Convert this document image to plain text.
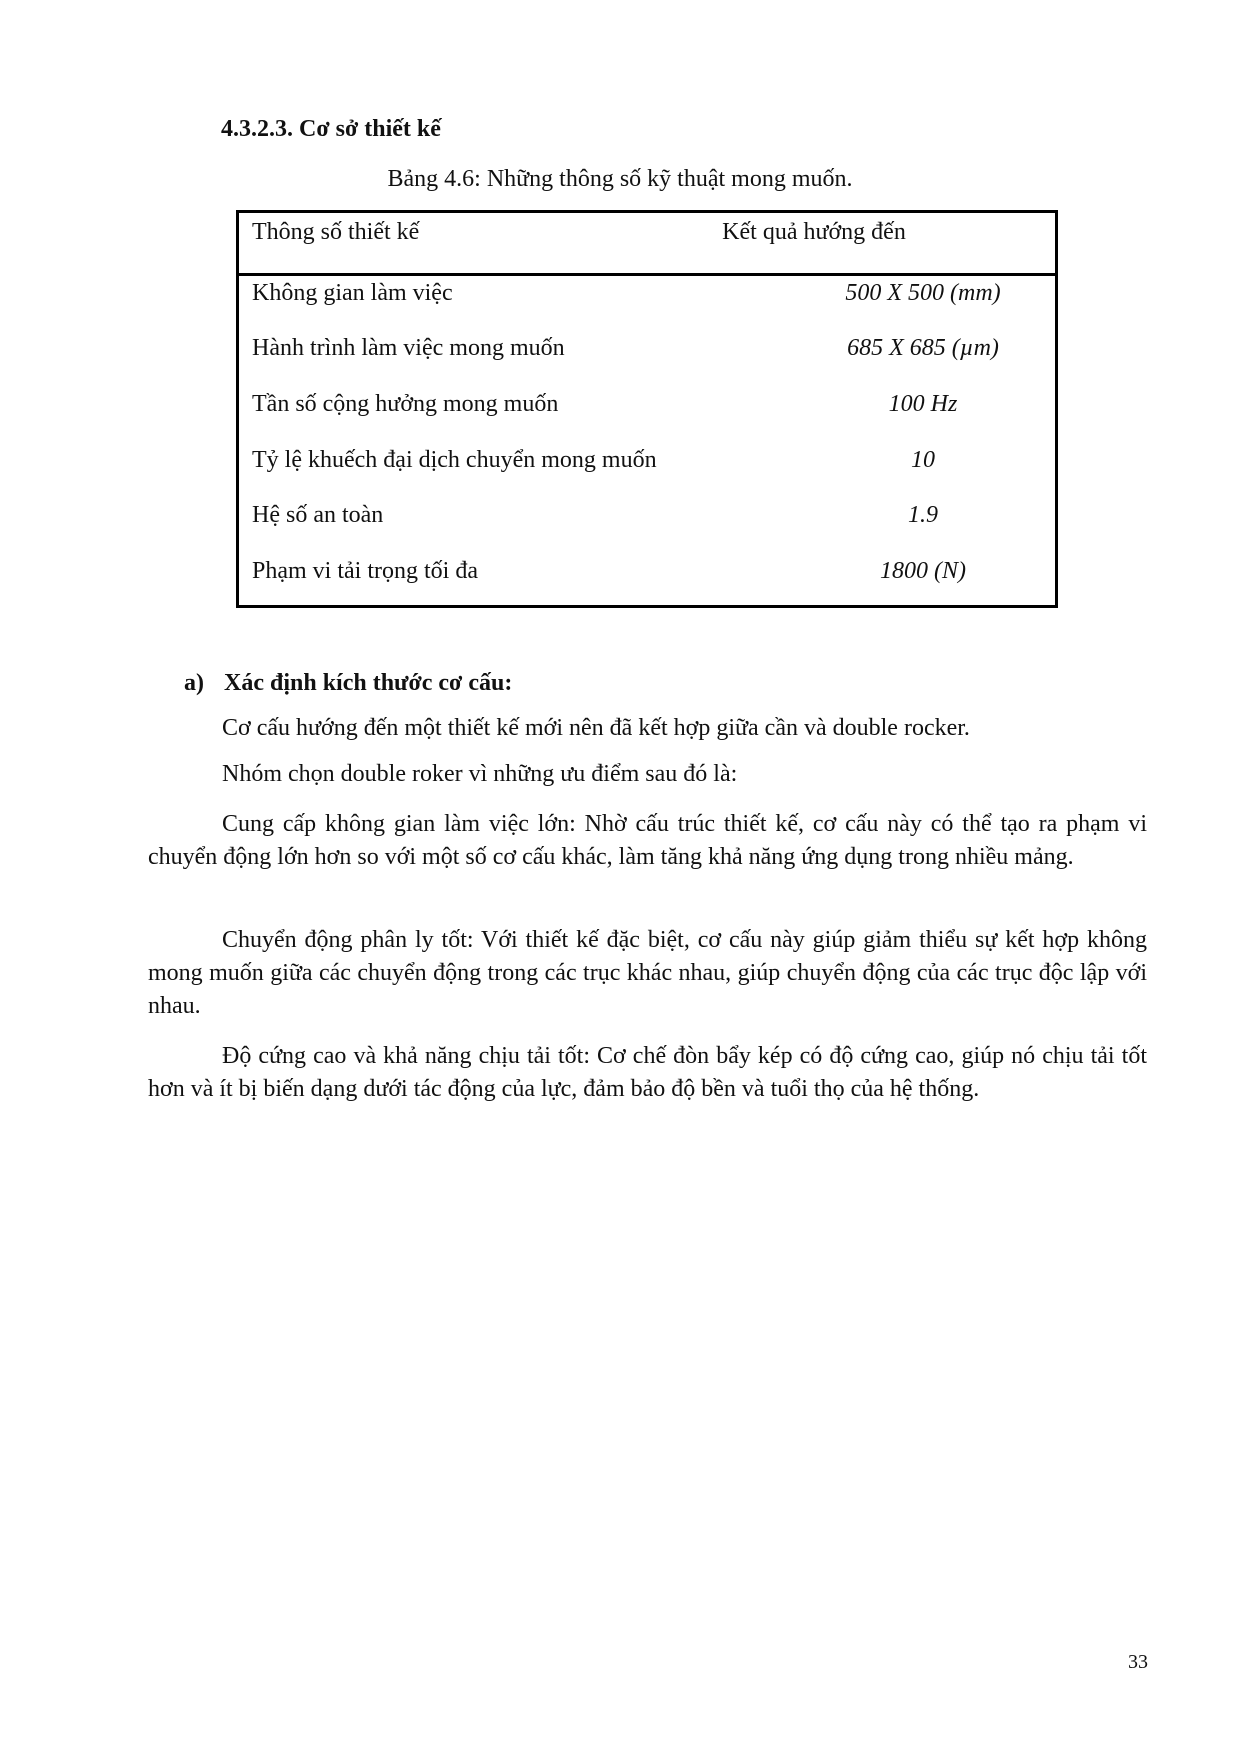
4.3.2.3. Cơ sở thiết kế
Bảng 4.6: Những thông số kỹ thuật mong muốn.
Thông số thiết kế	Kết quả hướng đến
Không gian làm việc	500 X 500 (mm)
Hành trình làm việc mong muốn	685 X 685 (µm)
Tần số cộng hưởng mong muốn	100 Hz
Tỷ lệ khuếch đại dịch chuyển mong muốn	10
Hệ số an toàn	1.9
Phạm vi tải trọng tối đa	1800 (N)
a) Xác định kích thước cơ cấu:

Cơ cấu hướng đến một thiết kế mới nên đã kết hợp giữa cần và double rocker.

Nhóm chọn double roker vì những ưu điểm sau đó là:

Cung cấp không gian làm việc lớn: Nhờ cấu trúc thiết kế, cơ cấu này có thể tạo ra phạm vi chuyển động lớn hơn so với một số cơ cấu khác, làm tăng khả năng ứng dụng trong nhiều mảng.

Chuyển động phân ly tốt: Với thiết kế đặc biệt, cơ cấu này giúp giảm thiểu sự kết hợp không mong muốn giữa các chuyển động trong các trục khác nhau, giúp chuyển động của các trục độc lập với nhau.

Độ cứng cao và khả năng chịu tải tốt: Cơ chế đòn bẩy kép có độ cứng cao, giúp nó chịu tải tốt hơn và ít bị biến dạng dưới tác động của lực, đảm bảo độ bền và tuổi thọ của hệ thống.

33
